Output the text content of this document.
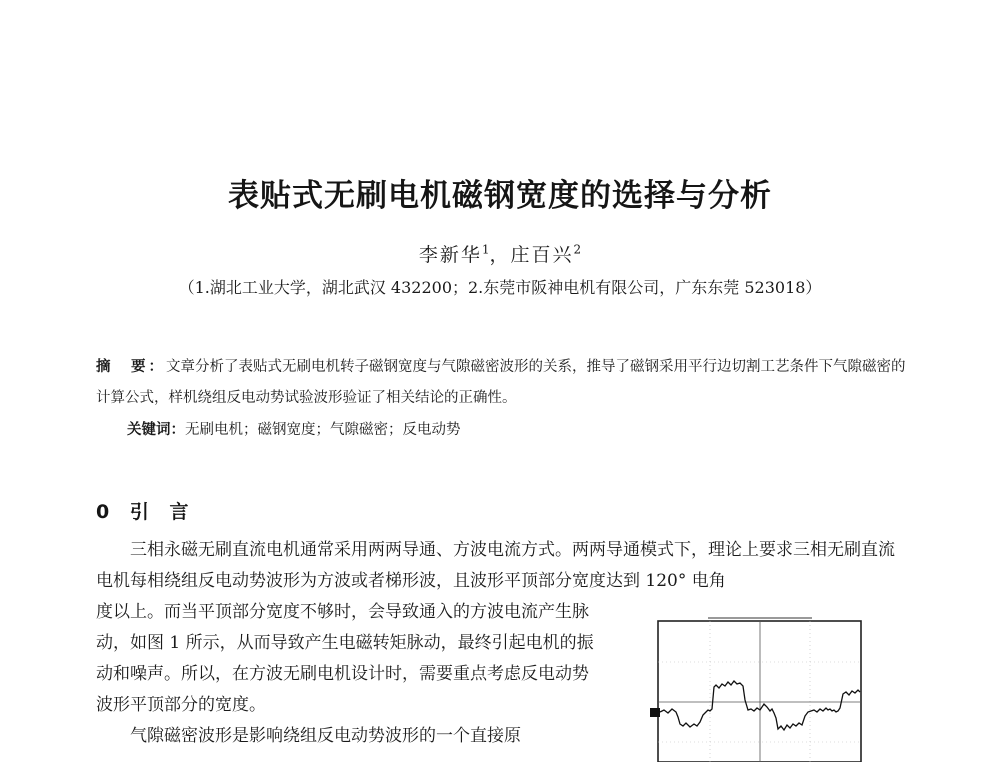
表贴式无刷电机磁钢宽度的选择与分析
李新华$^1$，庄百兴$^2$
（1.湖北工业大学，湖北武汉 432200；2.东莞市阪神电机有限公司，广东东莞 523018）
摘　要：文章分析了表贴式无刷电机转子磁钢宽度与气隙磁密波形的关系，推导了磁钢采用平行边切割工艺条件下气隙磁密的计算公式，样机绕组反电动势试验波形验证了相关结论的正确性。
关键词：无刷电机；磁钢宽度；气隙磁密；反电动势
0 引 言

三相永磁无刷直流电机通常采用两两导通、方波电流方式。两两导通模式下，理论上要求三相无刷直流电机每相绕组反电动势波形为方波或者梯形波，且波形平顶部分宽度达到 120° 电角

度以上。而当平顶部分宽度不够时，会导致通入的方波电流产生脉动，如图 1 所示，从而导致产生电磁转矩脉动，最终引起电机的振动和噪声。所以，在方波无刷电机设计时，需要重点考虑反电动势波形平顶部分的宽度。

气隙磁密波形是影响绕组反电动势波形的一个直接原
